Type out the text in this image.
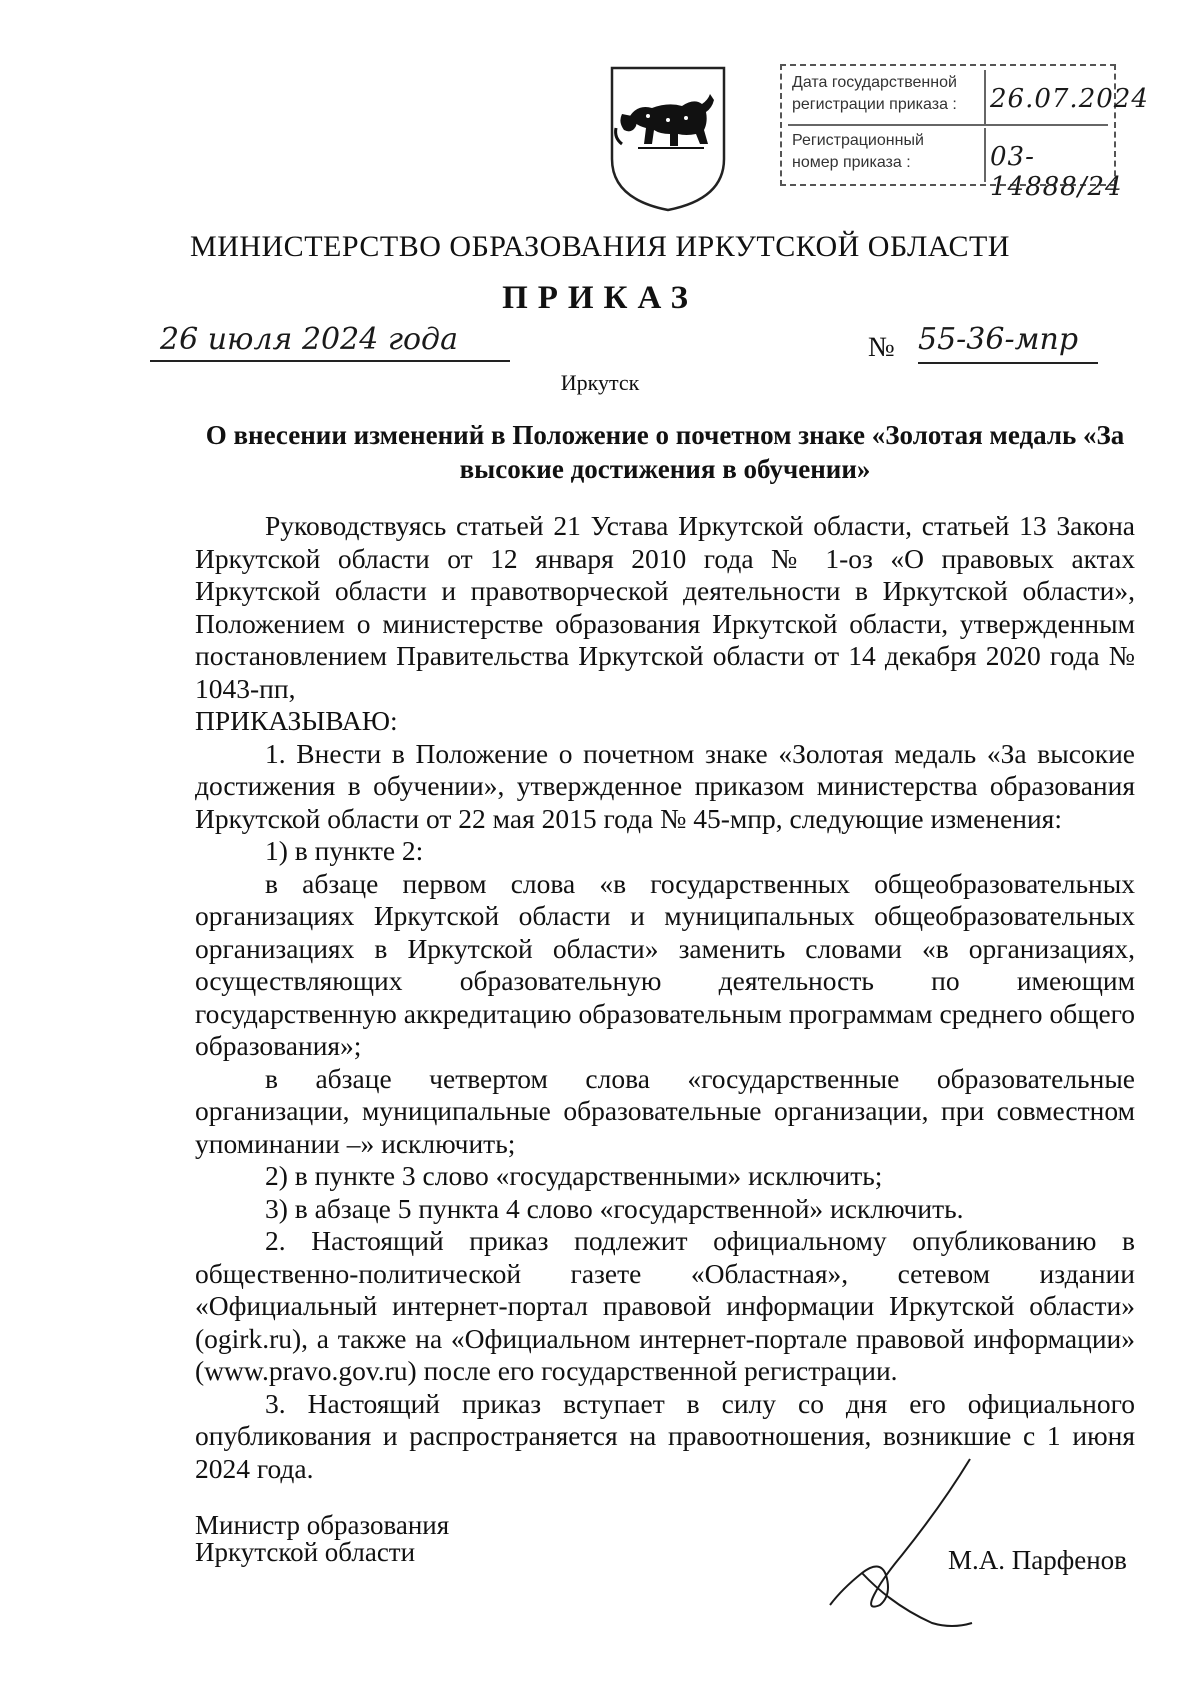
Дата государственной регистрации приказа :	26.07.2024
Регистрационный номер приказа :	03-14888/24
МИНИСТЕРСТВО ОБРАЗОВАНИЯ ИРКУТСКОЙ ОБЛАСТИ
ПРИКАЗ
26 июля 2024 года	№ 55-36-мпр
Иркутск
О внесении изменений в Положение о почетном знаке «Золотая медаль «За высокие достижения в обучении»

Руководствуясь статьей 21 Устава Иркутской области, статьей 13 Закона Иркутской области от 12 января 2010 года № 1-оз «О правовых актах Иркутской области и правотворческой деятельности в Иркутской области», Положением о министерстве образования Иркутской области, утвержденным постановлением Правительства Иркутской области от 14 декабря 2020 года № 1043-пп,

ПРИКАЗЫВАЮ:

1. Внести в Положение о почетном знаке «Золотая медаль «За высокие достижения в обучении», утвержденное приказом министерства образования Иркутской области от 22 мая 2015 года № 45-мпр, следующие изменения:

1) в пункте 2:

в абзаце первом слова «в государственных общеобразовательных организациях Иркутской области и муниципальных общеобразовательных организациях в Иркутской области» заменить словами «в организациях, осуществляющих образовательную деятельность по имеющим государственную аккредитацию образовательным программам среднего общего образования»;

в абзаце четвертом слова «государственные образовательные организации, муниципальные образовательные организации, при совместном упоминании –» исключить;

2) в пункте 3 слово «государственными» исключить;

3) в абзаце 5 пункта 4 слово «государственной» исключить.

2. Настоящий приказ подлежит официальному опубликованию в общественно-политической газете «Областная», сетевом издании «Официальный интернет-портал правовой информации Иркутской области» (ogirk.ru), а также на «Официальном интернет-портале правовой информации» (www.pravo.gov.ru) после его государственной регистрации.

3. Настоящий приказ вступает в силу со дня его официального опубликования и распространяется на правоотношения, возникшие с 1 июня 2024 года.

Министр образования
Иркутской области	М.А. Парфенов
